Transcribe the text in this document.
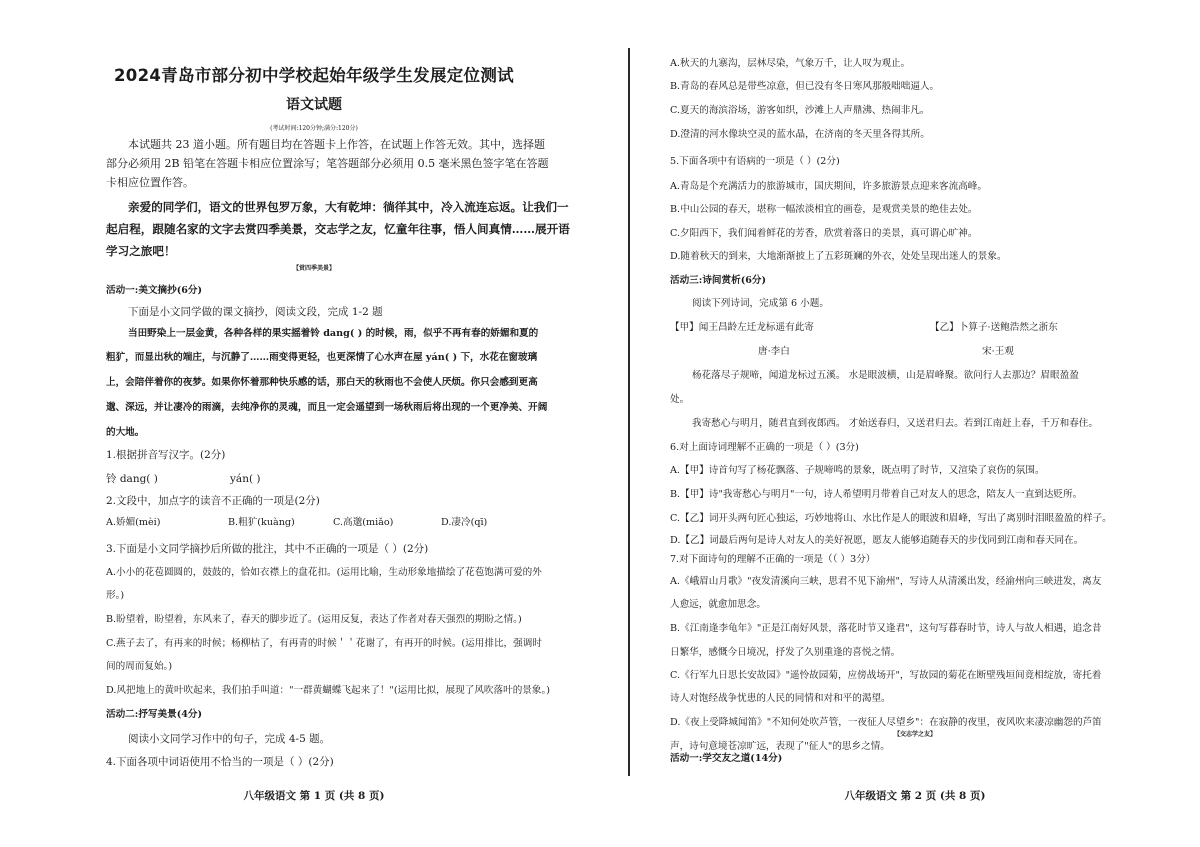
2024青岛市部分初中学校起始年级学生发展定位测试
语文试题
(考试时间:120分钟;满分:120分)
本试题共 23 道小题。所有题目均在答题卡上作答，在试题上作答无效。其中，选择题
部分必须用 2B 铅笔在答题卡相应位置涂写；笔答题部分必须用 0.5 毫米黑色签字笔在答题
卡相应位置作答。
亲爱的同学们，语文的世界包罗万象，大有乾坤：徜徉其中，冷入流连忘返。让我们一
起启程，跟随名家的文字去赏四季美景，交志学之友，忆童年往事，悟人间真情……展开语
学习之旅吧！
【赏四季美景】
活动一:美文摘抄(6分)
下面是小文同学做的课文摘抄，阅读文段，完成 1-2 题
当田野染上一层金黄，各种各样的果实摇着铃 dang( ) 的时候，雨，似乎不再有春的娇媚和夏的
粗犷，而显出秋的端庄，与沉静了……雨变得更轻，也更深情了心水声在屋 yán( ) 下，水花在窗玻璃
上，会陪伴着你的夜梦。如果你怀着那种快乐感的话，那白天的秋雨也不会使人厌烦。你只会感到更高
邈、深远，并让凄冷的雨滴，去纯净你的灵魂，而且一定会遥望到一场秋雨后将出现的一个更净美、开阔
的大地。
1.根据拼音写汉字。(2分)
铃 dang( )	yán( )
2.文段中，加点字的读音不正确的一项是(2分)
A.娇媚(mèi)	B.粗犷(kuàng)	C.高邈(miǎo)	D.凄冷(qī)
3.下面是小文同学摘抄后所做的批注，其中不正确的一项是（ ）(2分)
A.小小的花苞圆圆的，鼓鼓的，恰如衣襟上的盘花扣。(运用比喻，生动形象地描绘了花苞饱满可爱的外
形。)
B.盼望着，盼望着，东风来了，春天的脚步近了。(运用反复，表达了作者对春天强烈的期盼之情。)
C.燕子去了，有再来的时候；杨柳枯了，有再青的时候＇＇花谢了，有再开的时候。(运用排比，强调时
间的周而复始。)
D.风把地上的黄叶吹起来，我们拍手叫道："一群黄蝴蝶飞起来了！"(运用比拟，展现了风吹落叶的景象。)
活动二:抒写美景(4分)
阅读小文同学习作中的句子，完成 4-5 题。
4.下面各项中词语使用不恰当的一项是（ ）(2分)
八年级语文 第 1 页 (共 8 页)
A.秋天的九寨沟，层林尽染，气象万千，让人叹为观止。
B.青岛的春风总是带些凉意，但已没有冬日寒风那般咄咄逼人。
C.夏天的海滨浴场，游客如织，沙滩上人声鼎沸、热闹非凡。
D.澄清的河水像块空灵的蓝水晶，在济南的冬天里各得其所。
5.下面各项中有语病的一项是（ ）(2分)
A.青岛是个充满活力的旅游城市，国庆期间，许多旅游景点迎来客流高峰。
B.中山公园的春天，堪称一幅浓淡相宜的画卷，是观赏美景的绝佳去处。
C.夕阳西下，我们闻着鲜花的芳香，欣赏着落日的美景，真可谓心旷神。
D.随着秋天的到来，大地渐渐披上了五彩斑斓的外衣，处处呈现出迷人的景象。
活动三:诗间赏析(6分)
阅读下列诗词，完成第 6 小题。
【甲】闻王昌龄左迁龙标遥有此寄	【乙】卜算子·送鲍浩然之浙东
唐·李白	宋·王观
杨花落尽子规啼，闻道龙标过五溪。 水是眼波横，山是眉峰聚。欲问行人去那边？眉眼盈盈
处。
我寄愁心与明月，随君直到夜郎西。 才始送春归，又送君归去。若到江南赶上春，千万和春住。
6.对上面诗词理解不正确的一项是（ ）(3分)
A.【甲】诗首句写了杨花飘落、子规啼鸣的景象，既点明了时节，又渲染了哀伤的氛围。
B.【甲】诗"我寄愁心与明月"一句，诗人希望明月带着自己对友人的思念，陪友人一直到达贬所。
C.【乙】词开头两句匠心独运，巧妙地将山、水比作是人的眼波和眉峰，写出了离别时泪眼盈盈的样子。
D.【乙】词最后两句是诗人对友人的美好祝愿，愿友人能够追随春天的步伐同到江南和春天同在。
7.对下面诗句的理解不正确的一项是（（ ）3分）
A.《峨眉山月歌》"夜发清溪向三峡，思君不见下渝州"，写诗人从清溪出发，经渝州向三峡进发，离友
人愈远，就愈加思念。
B.《江南逢李龟年》"正是江南好风景，落花时节又逢君"，这句写暮春时节，诗人与故人相遇，追念昔
日繁华，感慨今日境况，抒发了久别重逢的喜悦之情。
C.《行军九日思长安故园》"遥怜故园菊，应傍战场开"，写故园的菊花在断壁残垣间竟相绽放，寄托着
诗人对饱经战争忧患的人民的同情和对和平的渴望。
D.《夜上受降城闻笛》"不知何处吹芦管，一夜征人尽望乡"：在寂静的夜里，夜风吹来凄凉幽怨的芦笛
声，诗句意境苍凉旷远，表现了"征人"的思乡之情。
【交志学之友】
活动一:学交友之道(14分)
八年级语文 第 2 页 (共 8 页)
